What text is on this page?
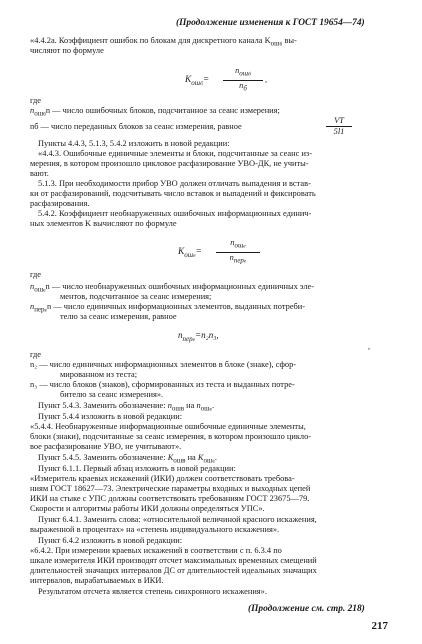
(Продолжение изменения к ГОСТ 19654—74)
«4.4.2а. Коэффициент ошибок по блокам для дискретного канала $K_{ошб}$ вы-
числяют по формуле
$K_{ошб}=$
$n_{ошб}$
$n_б$
,
где
$n_{ошб}n$ — число ошибочных блоков, подсчитанное за сеанс измерения;
nб — число переданных блоков за сеанс измерения, равное	$\frac{VT}{5l1}$
Пункты 4.4.3, 5.1.3, 5.4.2 изложить в новой редакции:
«4.4.3. Ошибочные единичные элементы и блоки, подсчитанные за сеанс из-
мерения, в котором произошло цикловое расфазирование УВО-ДК, не учиты-
вают.
5.1.3. При необходимости прибор УВО должен отличать выпадения и встав-
ки от расфазирований, подсчитывать число вставок и выпадений и фиксировать
расфазирования.
5.4.2. Коэффициент необнаруженных ошибочных информационных единич-
ных элементов K вычисляют по формуле
$K_{оше}=$
$n_{оше}$
$n_{пере}$
где
$n_{оше}n$ — число необнаруженных ошибочных информационных единичных эле-
ментов, подсчитанное за сеанс измерения;
$n_{пере}n$ — число единичных информационных элементов, выданных потреби-
телю за сеанс измерения, равное
$n_{пере}=n_2n_3$,
,
где
n₂ — число единичных информационных элементов в блоке (знаке), сфор-
мированном из теста;
n₃ — число блоков (знаков), сформированных из теста и выданных потре-
бителю за сеанс измерения».
Пункт 5.4.3. Заменить обозначение: $n_{ошв}$ на $n_{оше}$.
Пункт 5.4.4 изложить в новой редакции:
«5.4.4. Необнаруженные информационные ошибочные единичные элементы,
блоки (знаки), подсчитанные за сеанс измерения, в котором произошло цикло-
вое расфазирование УВО, не учитывают».
Пункт 5.4.5. Заменить обозначение: $K_{ошв}$ на $K_{оше}$.
Пункт 6.1.1. Первый абзац изложить в новой редакции:
«Измеритель краевых искажений (ИКИ) должен соответствовать требова-
ниям ГОСТ 18627—73. Электрические параметры входных и выходных цепей
ИКИ на стыке с УПС должны соответствовать требованиям ГОСТ 23675—79.
Скорости и алгоритмы работы ИКИ должны определяться УПС».
Пункт 6.4.1. Заменить слова: «относительной величиной красного искажения,
выраженной в процентах» на «степень индивидуального искажения».
Пункт 6.4.2 изложить в новой редакции:
«6.4.2. При измерении краевых искажений в соответствии с п. 6.3.4 по
шкале измерителя ИКИ производят отсчет максимальных временных смещений
длительностей значащих интервалов ДС от длительностей идеальных значащих
интервалов, вырабатываемых в ИКИ.
Результатом отсчета является степень синхронного искажения».
(Продолжение см. стр. 218)
217
